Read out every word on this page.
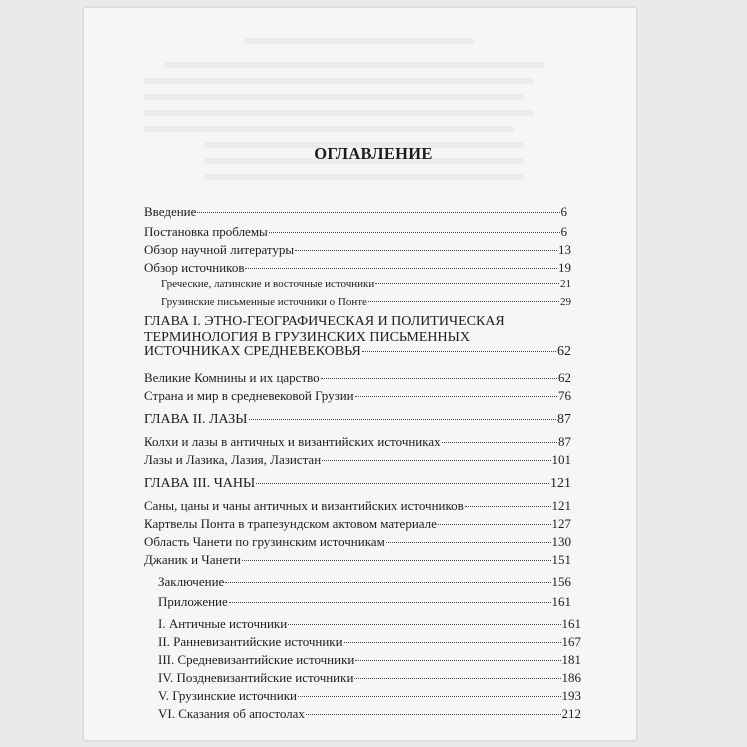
ОГЛАВЛЕНИЕ
Введение	6
Постановка проблемы	6
Обзор научной литературы	13
Обзор источников	19
Греческие, латинские и восточные источники	21
Грузинские письменные источники о Понте	29
ГЛАВА I. ЭТНО-ГЕОГРАФИЧЕСКАЯ И ПОЛИТИЧЕСКАЯ
ТЕРМИНОЛОГИЯ В ГРУЗИНСКИХ ПИСЬМЕННЫХ
ИСТОЧНИКАХ СРЕДНЕВЕКОВЬЯ	62
Великие Комнины и их царство	62
Страна и мир в средневековой Грузии	76
ГЛАВА II. ЛАЗЫ	87
Колхи и лазы в античных и византийских источниках	87
Лазы и Лазика, Лазия, Лазистан	101
ГЛАВА III. ЧАНЫ	121
Саны, цаны и чаны античных и византийских источников	121
Картвелы Понта в трапезундском актовом материале	127
Область Чанети по грузинским источникам	130
Джаник и Чанети	151
Заключение	156
Приложение	161
I. Античные источники	161
II. Ранневизантийские источники	167
III. Средневизантийские источники	181
IV. Поздневизантийские источники	186
V. Грузинские источники	193
VI. Сказания об апостолах	212
